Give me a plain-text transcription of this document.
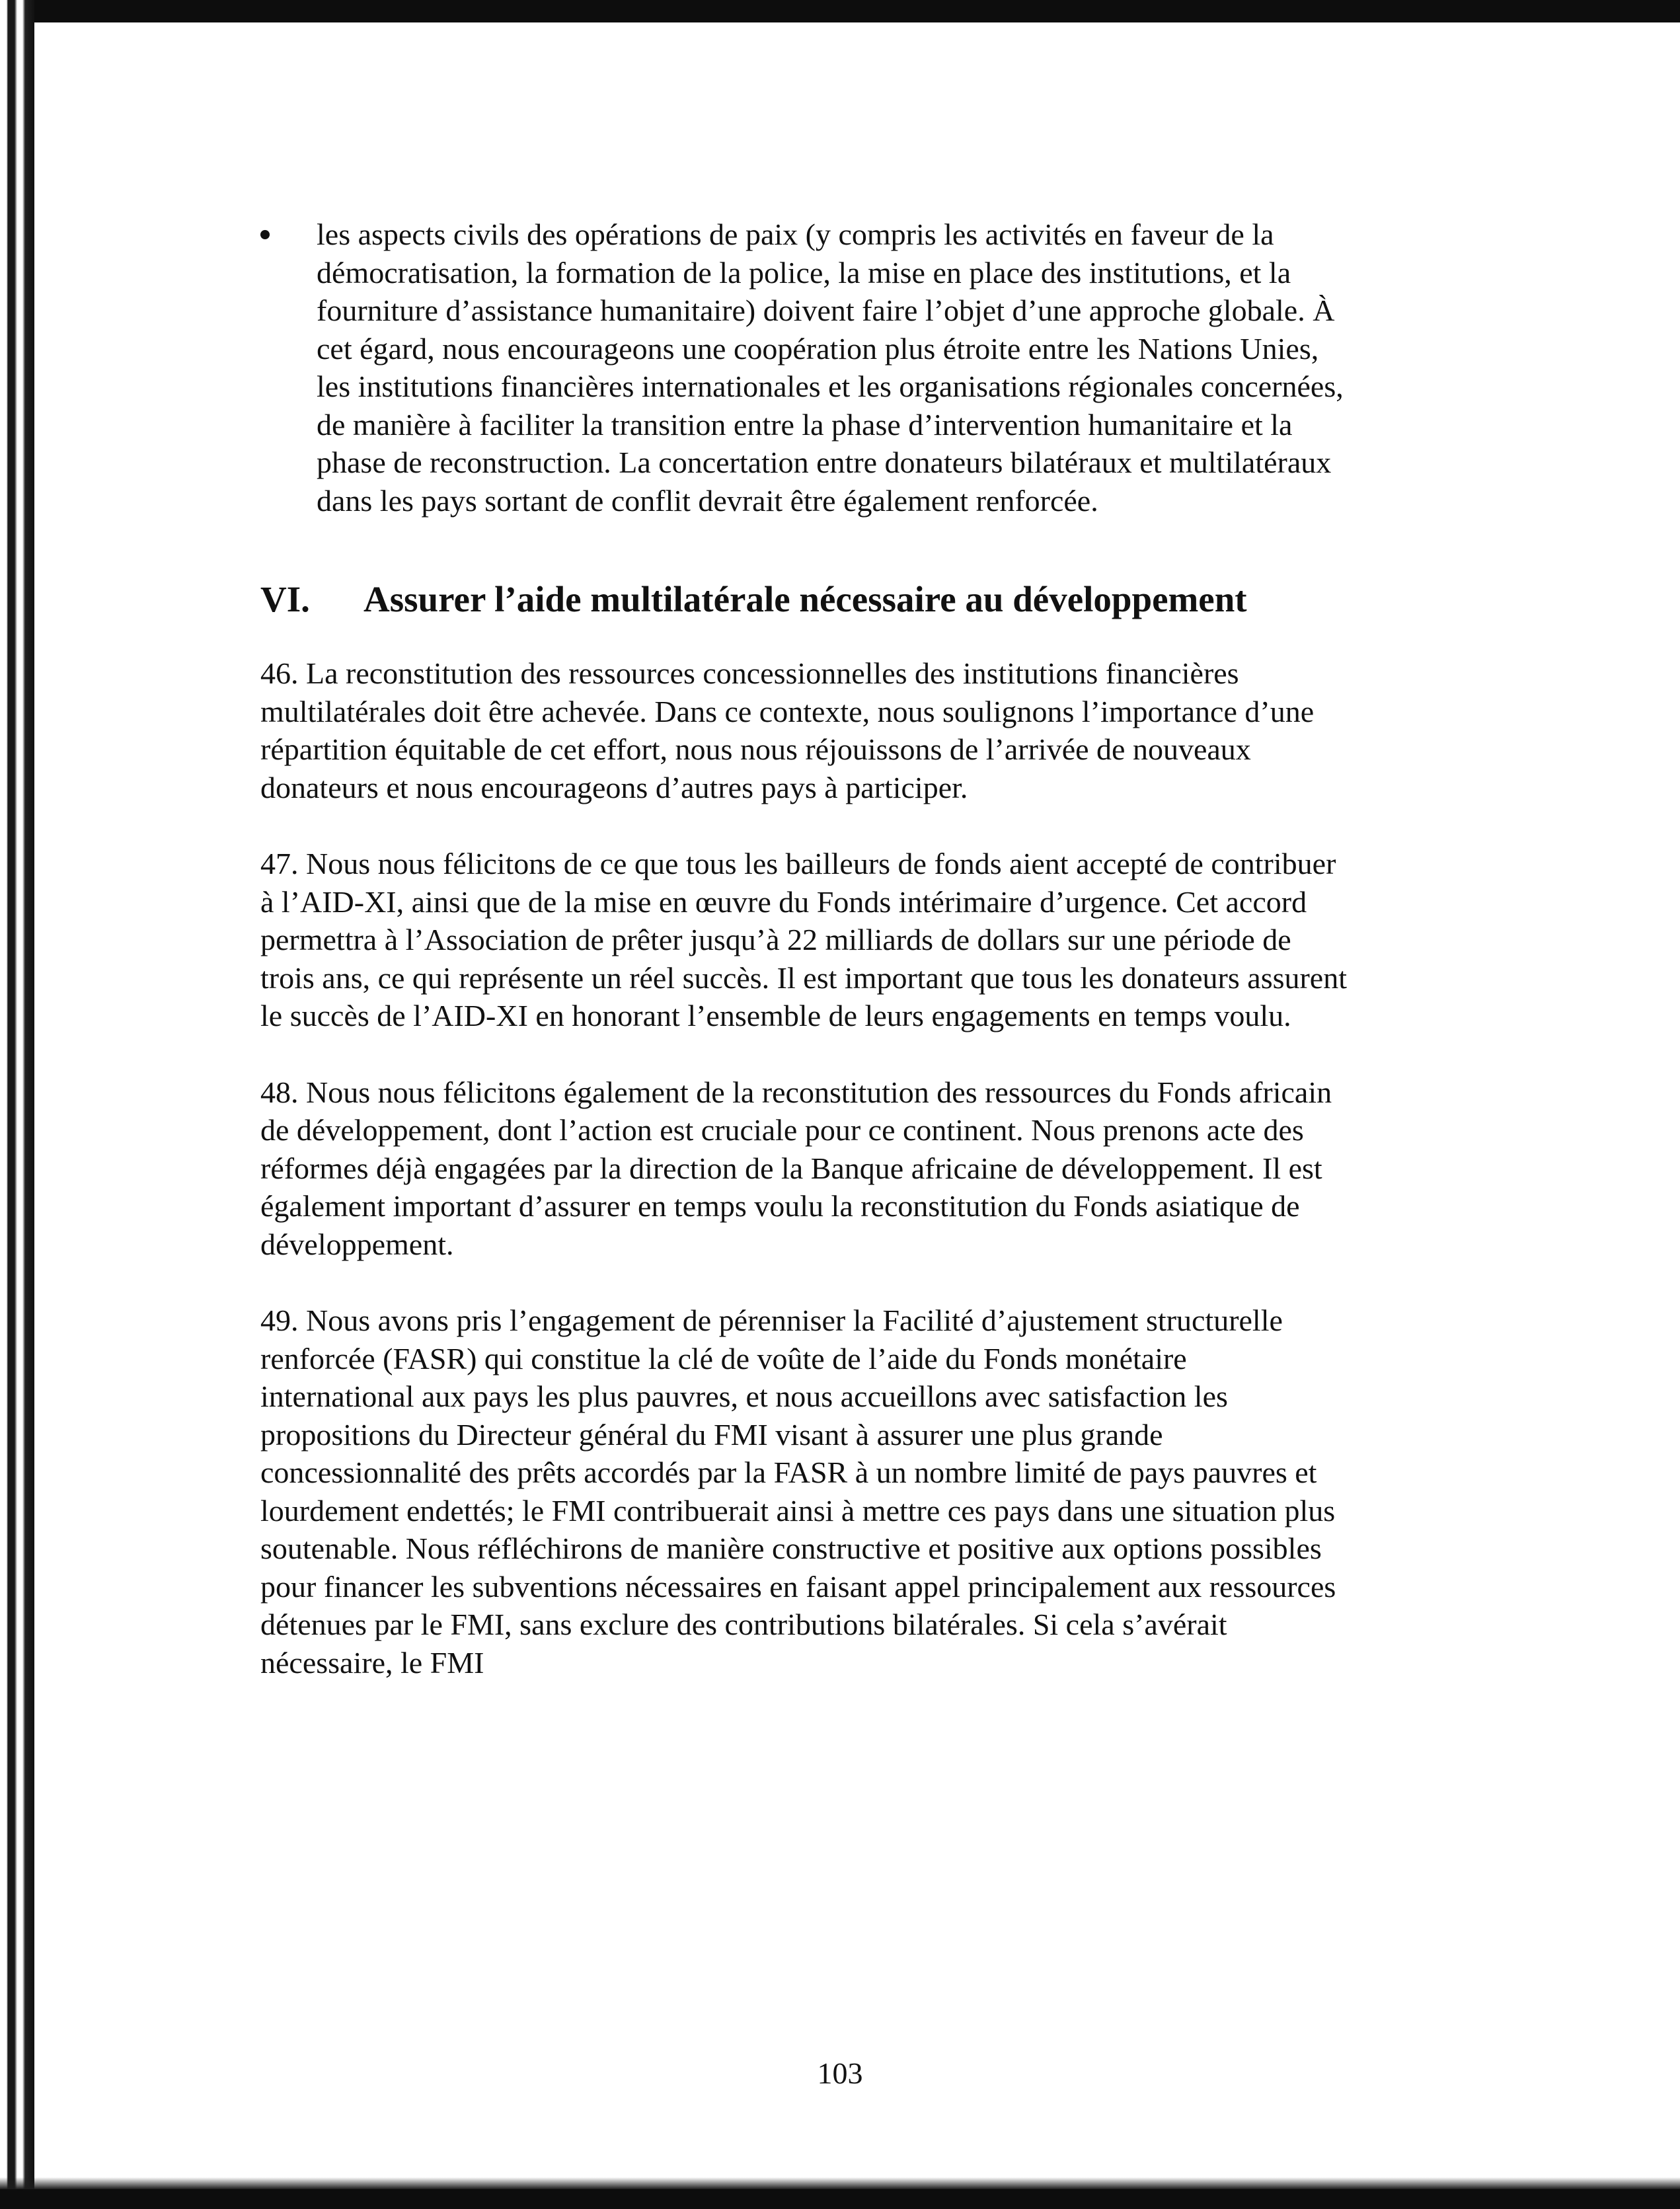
les aspects civils des opérations de paix (y compris les activités en faveur de la démocratisation, la formation de la police, la mise en place des institutions, et la fourniture d’assistance humanitaire) doivent faire l’objet d’une approche globale. À cet égard, nous encourageons une coopération plus étroite entre les Nations Unies, les institutions financières internationales et les organisations régionales concernées, de manière à faciliter la transition entre la phase d’intervention humanitaire et la phase de reconstruction. La concertation entre donateurs bilatéraux et multilatéraux dans les pays sortant de conflit devrait être également renforcée.
VI.	Assurer l’aide multilatérale nécessaire au développement

46. La reconstitution des ressources concessionnelles des institutions financières multilatérales doit être achevée. Dans ce contexte, nous soulignons l’importance d’une répartition équitable de cet effort, nous nous réjouissons de l’arrivée de nouveaux donateurs et nous encourageons d’autres pays à participer.

47. Nous nous félicitons de ce que tous les bailleurs de fonds aient accepté de contribuer à l’AID-XI, ainsi que de la mise en œuvre du Fonds intérimaire d’urgence. Cet accord permettra à l’Association de prêter jusqu’à 22 milliards de dollars sur une période de trois ans, ce qui représente un réel succès. Il est important que tous les donateurs assurent le succès de l’AID-XI en honorant l’ensemble de leurs engagements en temps voulu.

48. Nous nous félicitons également de la reconstitution des ressources du Fonds africain de développement, dont l’action est cruciale pour ce continent. Nous prenons acte des réformes déjà engagées par la direction de la Banque africaine de développement. Il est également important d’assurer en temps voulu la reconstitution du Fonds asiatique de développement.

49. Nous avons pris l’engagement de pérenniser la Facilité d’ajustement structurelle renforcée (FASR) qui constitue la clé de voûte de l’aide du Fonds monétaire international aux pays les plus pauvres, et nous accueillons avec satisfaction les propositions du Directeur général du FMI visant à assurer une plus grande concessionnalité des prêts accordés par la FASR à un nombre limité de pays pauvres et lourdement endettés; le FMI contribuerait ainsi à mettre ces pays dans une situation plus soutenable. Nous réfléchirons de manière constructive et positive aux options possibles pour financer les subventions nécessaires en faisant appel principalement aux ressources détenues par le FMI, sans exclure des contributions bilatérales. Si cela s’avérait nécessaire, le FMI

103
